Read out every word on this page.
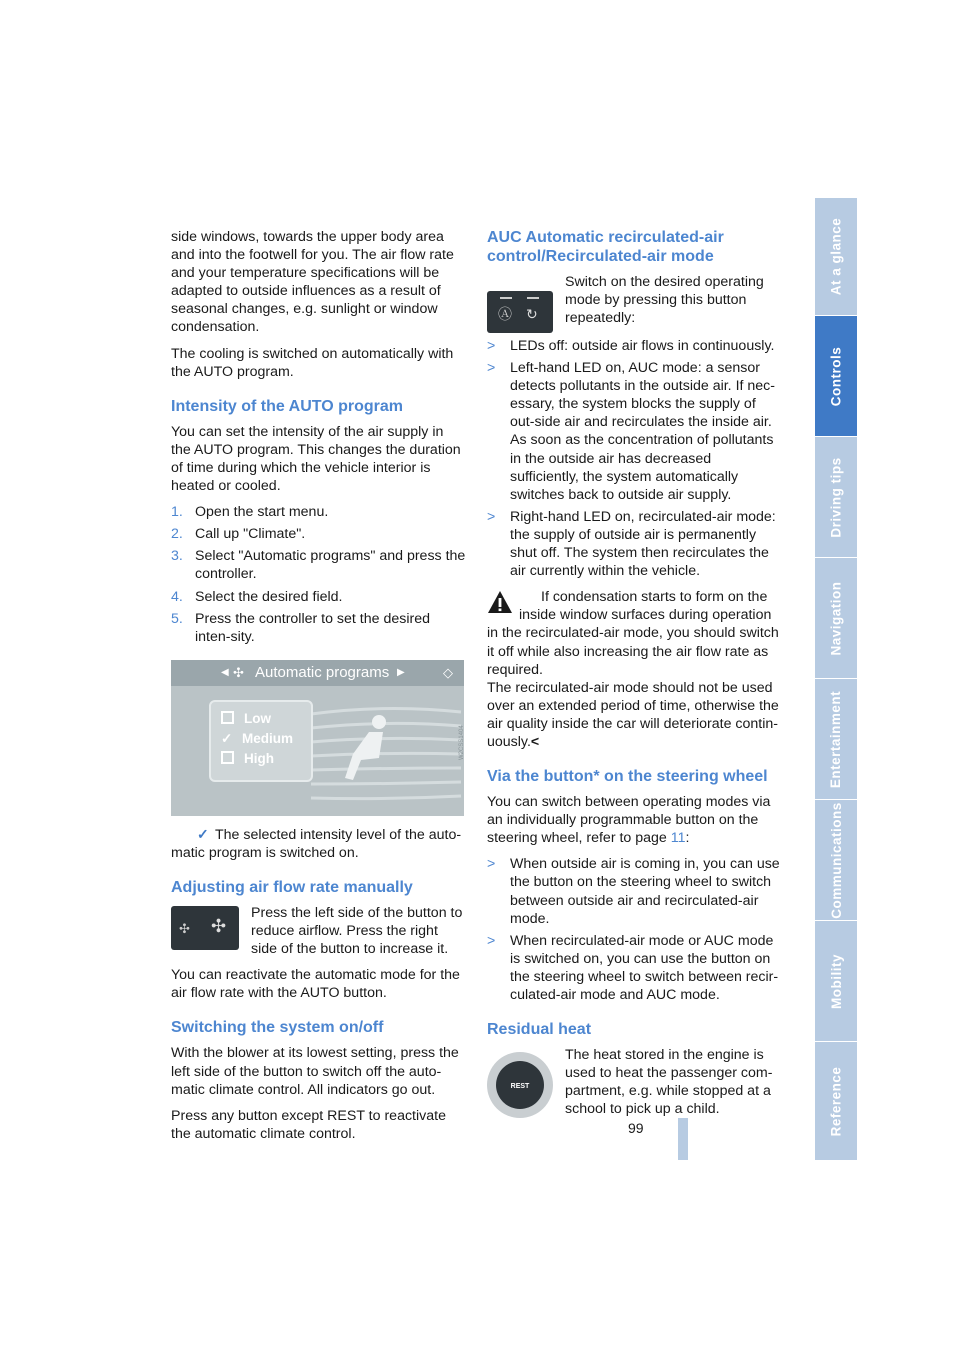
side windows, towards the upper body area and into the footwell for you. The air flow rate and your temperature specifications will be adapted to outside influences as a result of seasonal changes, e.g. sunlight or window condensation.

The cooling is switched on automatically with the AUTO program.

Intensity of the AUTO program

You can set the intensity of the air supply in the AUTO program. This changes the duration of time during which the vehicle interior is heated or cooled.

1. Open the start menu.
2. Call up "Climate".
3. Select "Automatic programs" and press the controller.
4. Select the desired field.
5. Press the controller to set the desired inten-sity.
◀ ✣ Automatic programs ▶	◇
Low
✓ Medium
High	W2CSS1404

✓ The selected intensity level of the auto-matic program is switched on.

Adjusting air flow rate manually
✣ ✣

Press the left side of the button to reduce airflow. Press the right side of the button to increase it.

You can reactivate the automatic mode for the air flow rate with the AUTO button.

Switching the system on/off

With the blower at its lowest setting, press the left side of the button to switch off the auto-matic climate control. All indicators go out.

Press any button except REST to reactivate the automatic climate control.

AUC Automatic recirculated-air control/Recirculated-air mode
Ⓐ ↻

Switch on the desired operating mode by pressing this button repeatedly:

> LEDs off: outside air flows in continuously.
> Left-hand LED on, AUC mode: a sensor detects pollutants in the outside air. If nec-essary, the system blocks the supply of out-side air and recirculates the inside air. As soon as the concentration of pollutants in the outside air has decreased sufficiently, the system automatically switches back to outside air supply.
> Right-hand LED on, recirculated-air mode: the supply of outside air is permanently shut off. The system then recirculates the air currently within the vehicle.

If condensation starts to form on the inside window surfaces during operation in the recirculated-air mode, you should switch it off while also increasing the air flow rate as required.

The recirculated-air mode should not be used over an extended period of time, otherwise the air quality inside the car will deteriorate contin-uously.<

Via the button* on the steering wheel

You can switch between operating modes via an individually programmable button on the steering wheel, refer to page 11:

> When outside air is coming in, you can use the button on the steering wheel to switch between outside air and recirculated-air mode.
> When recirculated-air mode or AUC mode is switched on, you can use the button on the steering wheel to switch between recir-culated-air mode and AUC mode.
Residual heat
REST

The heat stored in the engine is used to heat the passenger com-partment, e.g. while stopped at a school to pick up a child.

At a glance
Controls
Driving tips
Navigation
Entertainment
Communications
Mobility
Reference
99
